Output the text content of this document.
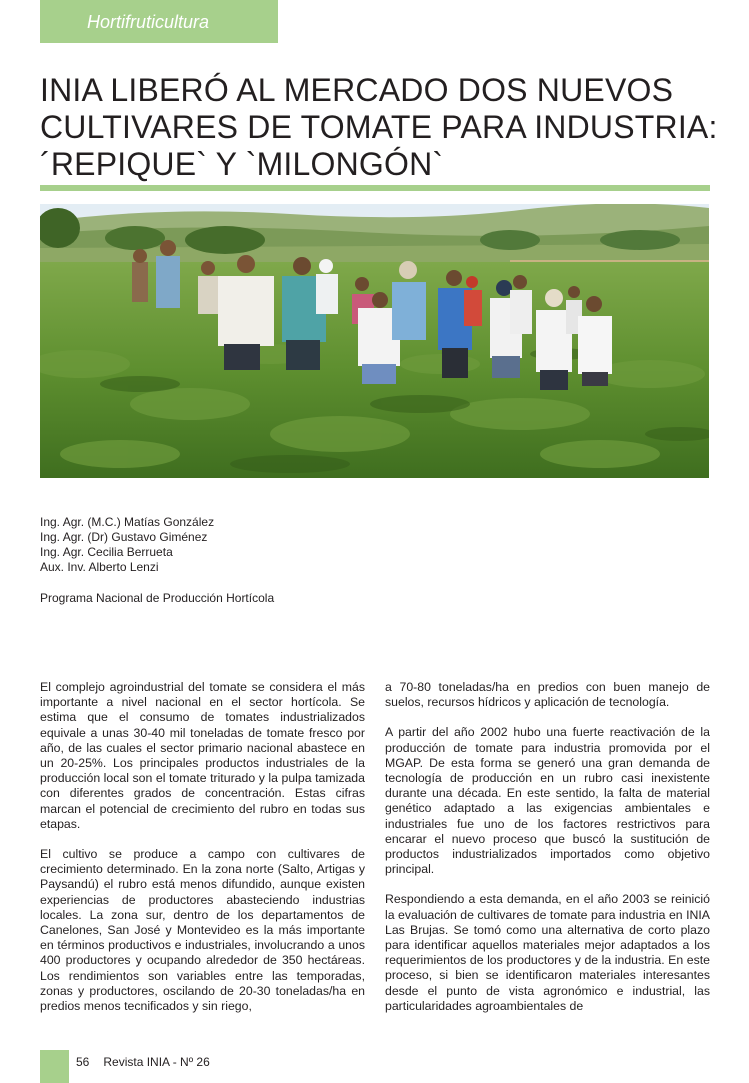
Hortifruticultura
INIA LIBERÓ AL MERCADO DOS NUEVOS
CULTIVARES DE TOMATE PARA INDUSTRIA:
´REPIQUE` Y `MILONGÓN`
Ing. Agr. (M.C.) Matías González
Ing. Agr. (Dr) Gustavo Giménez
Ing. Agr. Cecilia Berrueta
Aux. Inv. Alberto Lenzi
Programa Nacional de Producción Hortícola

El complejo agroindustrial del tomate se considera el más importante a nivel nacional en el sector hortícola. Se estima que el consumo de tomates industrializados equivale a unas 30-40 mil toneladas de tomate fresco por año, de las cuales el sector primario nacional abastece en un 20-25%. Los principales productos industriales de la producción local son el tomate triturado y la pulpa tamizada con diferentes grados de concentración. Estas cifras marcan el potencial de crecimiento del rubro en todas sus etapas.

El cultivo se produce a campo con cultivares de crecimiento determinado. En la zona norte (Salto, Artigas y Paysandú) el rubro está menos difundido, aunque existen experiencias de productores abasteciendo industrias locales. La zona sur, dentro de los departamentos de Canelones, San José y Montevideo es la más importante en términos productivos e industriales, involucrando a unos 400 productores y ocupando alrededor de 350 hectáreas. Los rendimientos son variables entre las temporadas, zonas y productores, oscilando de 20-30 toneladas/ha en predios menos tecnificados y sin riego,

a 70-80 toneladas/ha en predios con buen manejo de suelos, recursos hídricos y aplicación de tecnología.

A partir del año 2002 hubo una fuerte reactivación de la producción de tomate para industria promovida por el MGAP. De esta forma se generó una gran demanda de tecnología de producción en un rubro casi inexistente durante una década. En este sentido, la falta de material genético adaptado a las exigencias ambientales e industriales fue uno de los factores restrictivos para encarar el nuevo proceso que buscó la sustitución de productos industrializados importados como objetivo principal.

Respondiendo a esta demanda, en el año 2003 se reinició la evaluación de cultivares de tomate para industria en INIA Las Brujas. Se tomó como una alternativa de corto plazo para identificar aquellos materiales mejor adaptados a los requerimientos de los productores y de la industria. En este proceso, si bien se identificaron materiales interesantes desde el punto de vista agronómico e industrial, las particularidades agroambientales de

56 Revista INIA - Nº 26
